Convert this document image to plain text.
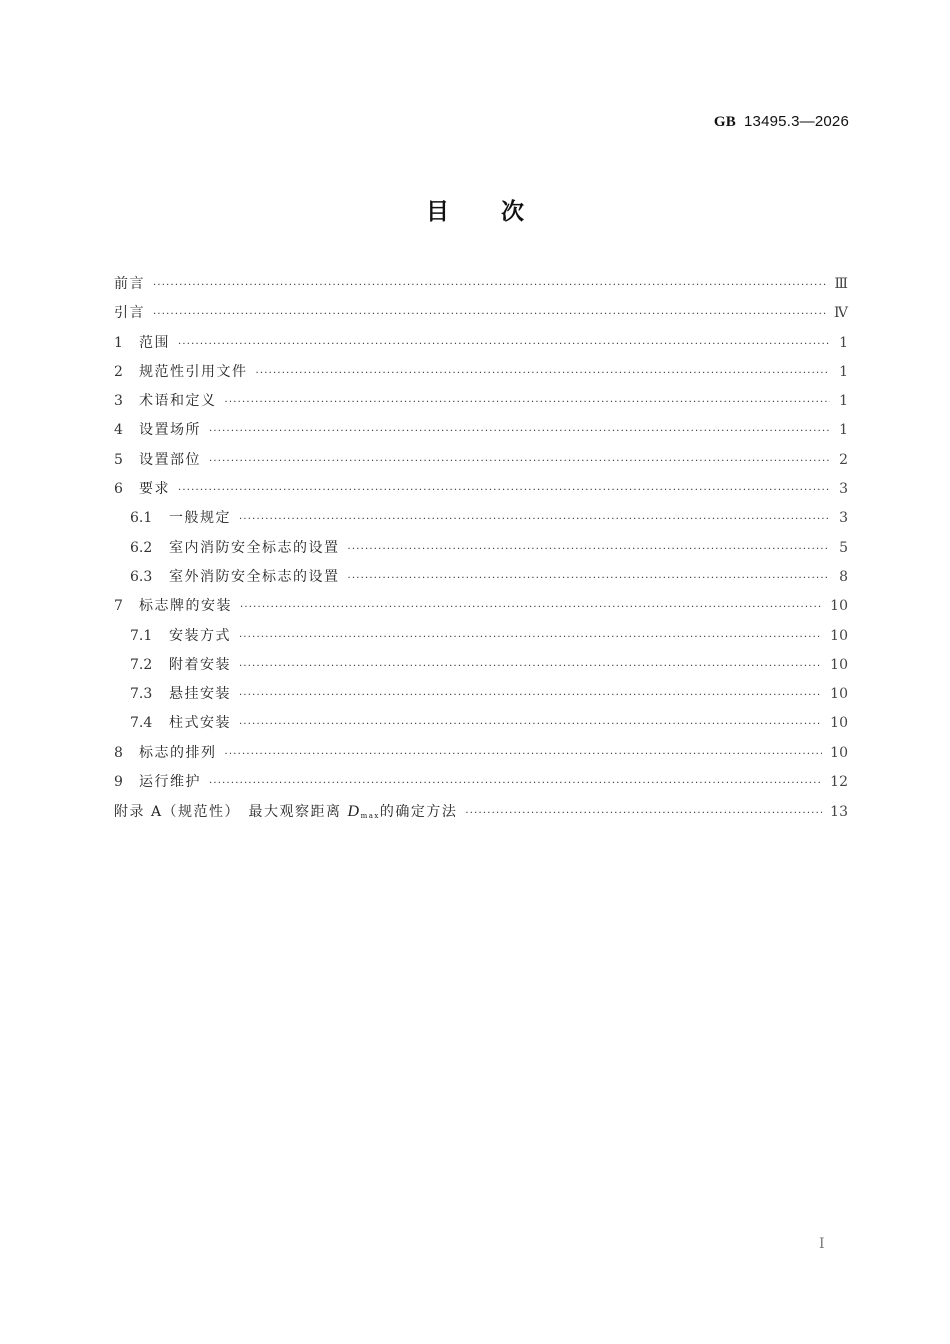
GB 13495.3—2026
目 次
前言 ·····	Ⅲ
引言 ·····	Ⅳ
1	范围 ·····	1
2	规范性引用文件 ·····	1
3	术语和定义 ·····	1
4	设置场所 ·····	1
5	设置部位 ·····	2
6	要求 ·····	3
6.1	一般规定 ·····	3
6.2	室内消防安全标志的设置 ·····	5
6.3	室外消防安全标志的设置 ·····	8
7	标志牌的安装 ·····	10
7.1	安装方式 ·····	10
7.2	附着安装 ·····	10
7.3	悬挂安装 ·····	10
7.4	柱式安装 ·····	10
8	标志的排列 ·····	10
9	运行维护 ·····	12
附录 A（规范性）　最大观察距离 $D_{max}$的确定方法 ·····	13
I
